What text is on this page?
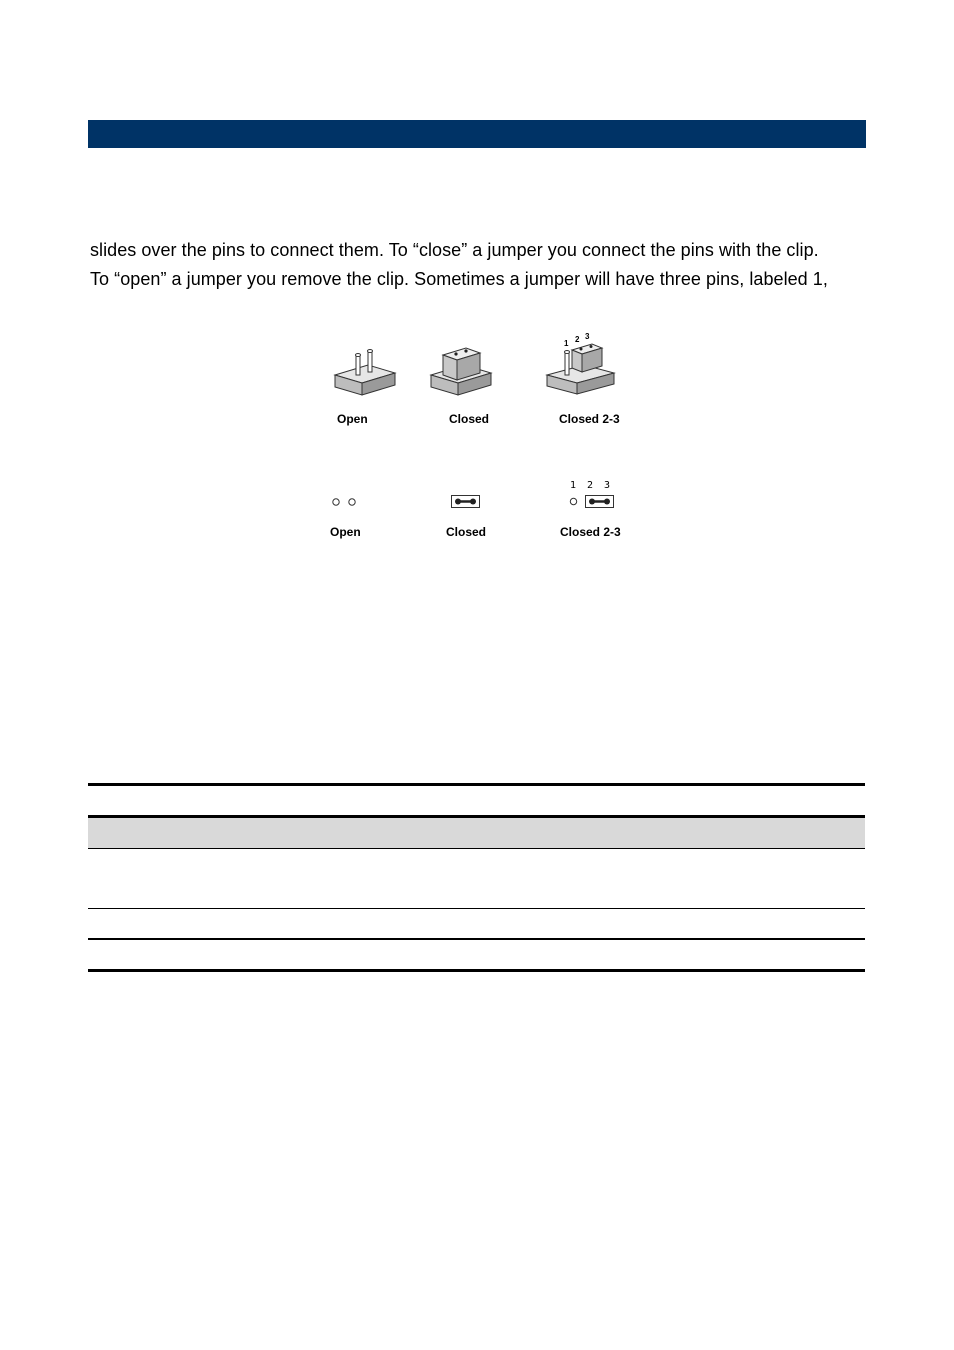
slides over the pins to connect them. To “close” a jumper you connect the pins with the clip.
To “open” a jumper you remove the clip. Sometimes a jumper will have three pins, labeled 1,
1 2 3
Open	Closed	Closed 2-3
1 2 3
Open	Closed	Closed 2-3
